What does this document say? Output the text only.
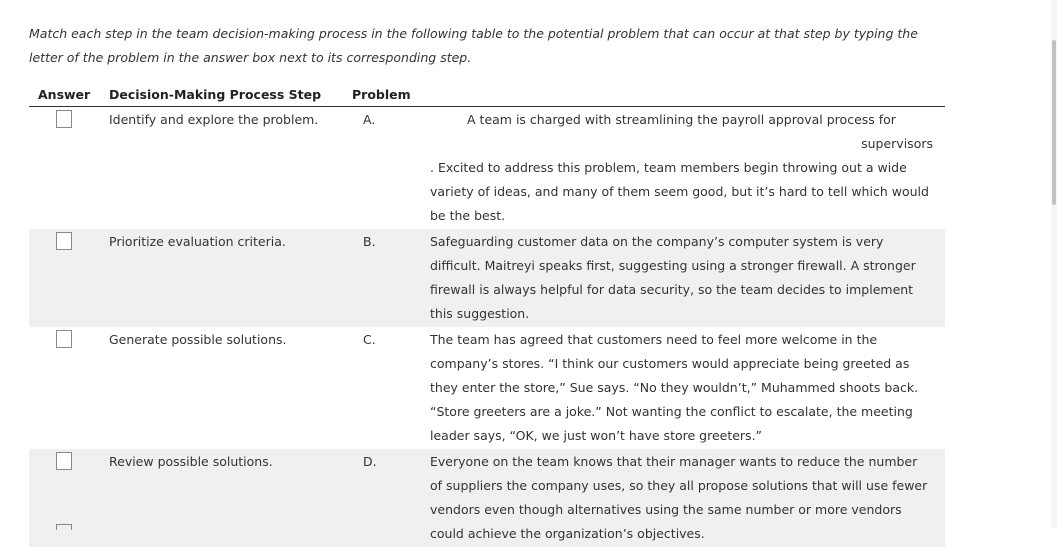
Match each step in the team decision-making process in the following table to the potential problem that can occur at that step by typing the letter of the problem in the answer box next to its corresponding step.
Answer	Decision-Making Process Step	Problem	

	Identify and explore the problem.	A.	A team is charged with streamlining the payroll approval process for
supervisors
. Excited to address this problem, team members begin throwing out a wide variety of ideas, and many of them seem good, but it’s hard to tell which would be the best.

	Prioritize evaluation criteria.	B.	Safeguarding customer data on the company’s computer system is very difficult. Maitreyi speaks first, suggesting using a stronger firewall. A stronger firewall is always helpful for data security, so the team decides to implement this suggestion.

	Generate possible solutions.	C.	The team has agreed that customers need to feel more welcome in the company’s stores. “I think our customers would appreciate being greeted as they enter the store,” Sue says. “No they wouldn’t,” Muhammed shoots back. “Store greeters are a joke.” Not wanting the conflict to escalate, the meeting leader says, “OK, we just won’t have store greeters.”

	Review possible solutions.	D.	Everyone on the team knows that their manager wants to reduce the number of suppliers the company uses, so they all propose solutions that will use fewer vendors even though alternatives using the same number or more vendors could achieve the organization’s objectives.
